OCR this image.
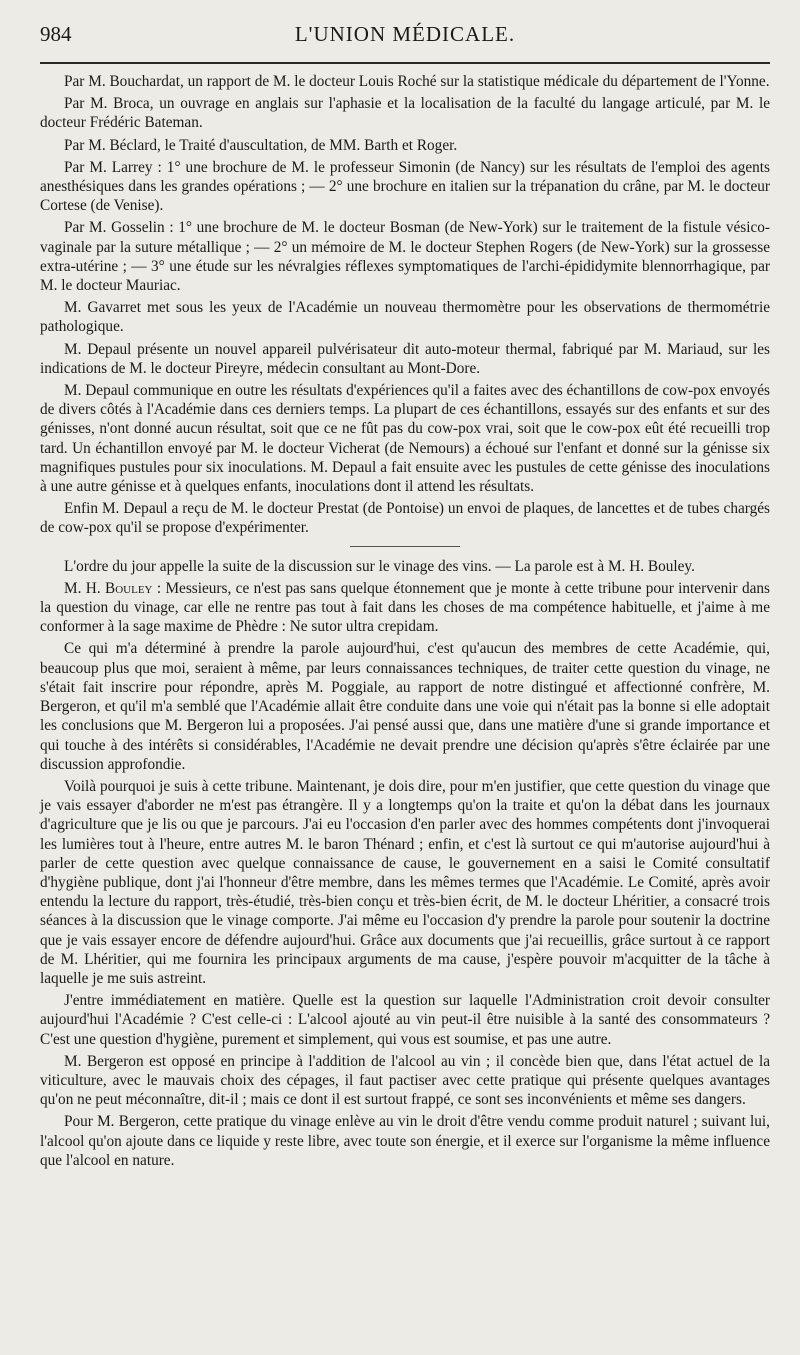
984	L'UNION MÉDICALE.

Par M. Bouchardat, un rapport de M. le docteur Louis Roché sur la statistique médicale du département de l'Yonne.

Par M. Broca, un ouvrage en anglais sur l'aphasie et la localisation de la faculté du langage articulé, par M. le docteur Frédéric Bateman.

Par M. Béclard, le Traité d'auscultation, de MM. Barth et Roger.

Par M. Larrey : 1° une brochure de M. le professeur Simonin (de Nancy) sur les résultats de l'emploi des agents anesthésiques dans les grandes opérations ; — 2° une brochure en italien sur la trépanation du crâne, par M. le docteur Cortese (de Venise).

Par M. Gosselin : 1° une brochure de M. le docteur Bosman (de New-York) sur le traitement de la fistule vésico-vaginale par la suture métallique ; — 2° un mémoire de M. le docteur Stephen Rogers (de New-York) sur la grossesse extra-utérine ; — 3° une étude sur les névralgies réflexes symptomatiques de l'archi-épididymite blennorrhagique, par M. le docteur Mauriac.

M. Gavarret met sous les yeux de l'Académie un nouveau thermomètre pour les observations de thermométrie pathologique.

M. Depaul présente un nouvel appareil pulvérisateur dit auto-moteur thermal, fabriqué par M. Mariaud, sur les indications de M. le docteur Pireyre, médecin consultant au Mont-Dore.

M. Depaul communique en outre les résultats d'expériences qu'il a faites avec des échantillons de cow-pox envoyés de divers côtés à l'Académie dans ces derniers temps. La plupart de ces échantillons, essayés sur des enfants et sur des génisses, n'ont donné aucun résultat, soit que ce ne fût pas du cow-pox vrai, soit que le cow-pox eût été recueilli trop tard. Un échantillon envoyé par M. le docteur Vicherat (de Nemours) a échoué sur l'enfant et donné sur la génisse six magnifiques pustules pour six inoculations. M. Depaul a fait ensuite avec les pustules de cette génisse des inoculations à une autre génisse et à quelques enfants, inoculations dont il attend les résultats.

Enfin M. Depaul a reçu de M. le docteur Prestat (de Pontoise) un envoi de plaques, de lancettes et de tubes chargés de cow-pox qu'il se propose d'expérimenter.

L'ordre du jour appelle la suite de la discussion sur le vinage des vins. — La parole est à M. H. Bouley.

M. H. Bouley : Messieurs, ce n'est pas sans quelque étonnement que je monte à cette tribune pour intervenir dans la question du vinage, car elle ne rentre pas tout à fait dans les choses de ma compétence habituelle, et j'aime à me conformer à la sage maxime de Phèdre : Ne sutor ultra crepidam.

Ce qui m'a déterminé à prendre la parole aujourd'hui, c'est qu'aucun des membres de cette Académie, qui, beaucoup plus que moi, seraient à même, par leurs connaissances techniques, de traiter cette question du vinage, ne s'était fait inscrire pour répondre, après M. Poggiale, au rapport de notre distingué et affectionné confrère, M. Bergeron, et qu'il m'a semblé que l'Académie allait être conduite dans une voie qui n'était pas la bonne si elle adoptait les conclusions que M. Bergeron lui a proposées. J'ai pensé aussi que, dans une matière d'une si grande importance et qui touche à des intérêts si considérables, l'Académie ne devait prendre une décision qu'après s'être éclairée par une discussion approfondie.

Voilà pourquoi je suis à cette tribune. Maintenant, je dois dire, pour m'en justifier, que cette question du vinage que je vais essayer d'aborder ne m'est pas étrangère. Il y a longtemps qu'on la traite et qu'on la débat dans les journaux d'agriculture que je lis ou que je parcours. J'ai eu l'occasion d'en parler avec des hommes compétents dont j'invoquerai les lumières tout à l'heure, entre autres M. le baron Thénard ; enfin, et c'est là surtout ce qui m'autorise aujourd'hui à parler de cette question avec quelque connaissance de cause, le gouvernement en a saisi le Comité consultatif d'hygiène publique, dont j'ai l'honneur d'être membre, dans les mêmes termes que l'Académie. Le Comité, après avoir entendu la lecture du rapport, très-étudié, très-bien conçu et très-bien écrit, de M. le docteur Lhéritier, a consacré trois séances à la discussion que le vinage comporte. J'ai même eu l'occasion d'y prendre la parole pour soutenir la doctrine que je vais essayer encore de défendre aujourd'hui. Grâce aux documents que j'ai recueillis, grâce surtout à ce rapport de M. Lhéritier, qui me fournira les principaux arguments de ma cause, j'espère pouvoir m'acquitter de la tâche à laquelle je me suis astreint.

J'entre immédiatement en matière. Quelle est la question sur laquelle l'Administration croit devoir consulter aujourd'hui l'Académie ? C'est celle-ci : L'alcool ajouté au vin peut-il être nuisible à la santé des consommateurs ? C'est une question d'hygiène, purement et simplement, qui vous est soumise, et pas une autre.

M. Bergeron est opposé en principe à l'addition de l'alcool au vin ; il concède bien que, dans l'état actuel de la viticulture, avec le mauvais choix des cépages, il faut pactiser avec cette pratique qui présente quelques avantages qu'on ne peut méconnaître, dit-il ; mais ce dont il est surtout frappé, ce sont ses inconvénients et même ses dangers.

Pour M. Bergeron, cette pratique du vinage enlève au vin le droit d'être vendu comme produit naturel ; suivant lui, l'alcool qu'on ajoute dans ce liquide y reste libre, avec toute son énergie, et il exerce sur l'organisme la même influence que l'alcool en nature.
